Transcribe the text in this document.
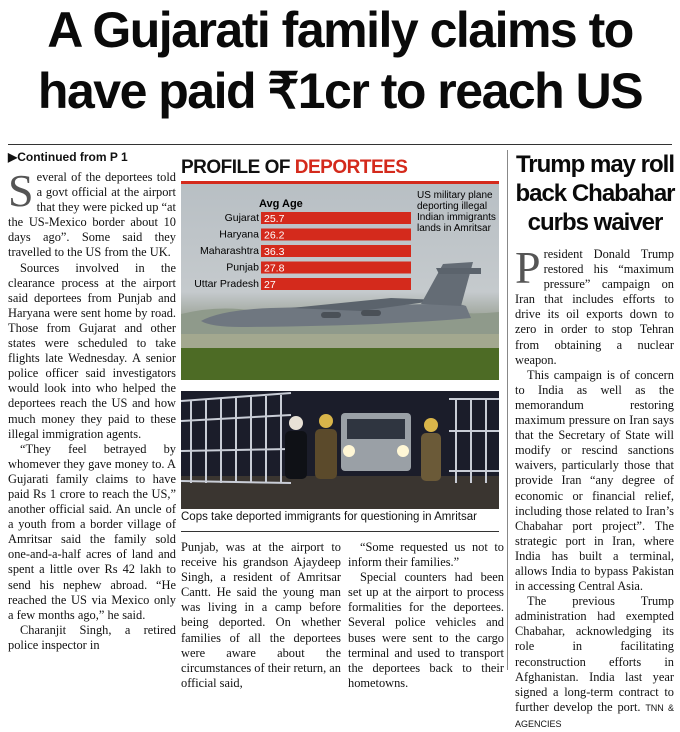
A Gujarati family claims to
have paid ₹1cr to reach US
▶Continued from P 1

Several of the deportees told a govt official at the airport that they were picked up “at the US-Mexico border about 10 days ago”. Some said they travelled to the US from the UK.

Sources involved in the clearance process at the airport said deportees from Punjab and Haryana were sent home by road. Those from Gujarat and other states were scheduled to take flights late Wednesday. A senior police officer said investigators would look into who helped the deportees reach the US and how much money they paid to these illegal immigration agents.

“They feel betrayed by whomever they gave money to. A Gujarati family claims to have paid Rs 1 crore to reach the US,” another official said. An uncle of a youth from a border village of Amritsar said the family sold one-and-a-half acres of land and spent a little over Rs 42 lakh to send his nephew abroad. “He reached the US via Mexico only a few months ago,” he said.

Charanjit Singh, a retired police inspector in

PROFILE OF DEPORTEES
Avg Age
US military plane deporting illegal Indian immigrants lands in Amritsar
Gujarat 25.7
Haryana 26.2
Maharashtra 36.3
Punjab 27.8
Uttar Pradesh 27
Cops take deported immigrants for questioning in Amritsar

Punjab, was at the airport to receive his grandson Ajaydeep Singh, a resident of Amritsar Cantt. He said the young man was living in a camp before being deported. On whether families of all the deportees were aware about the circumstances of their return, an official said,

“Some requested us not to inform their families.”

Special counters had been set up at the airport to process formalities for the deportees. Several police vehicles and buses were sent to the cargo terminal and used to transport the deportees back to their hometowns.

Trump may roll
back Chabahar
curbs waiver

President Donald Trump restored his “maximum pressure” campaign on Iran that includes efforts to drive its oil exports down to zero in order to stop Tehran from obtaining a nuclear weapon.

This campaign is of concern to India as well as the memorandum restoring maximum pressure on Iran says that the Secretary of State will modify or rescind sanctions waivers, particularly those that provide Iran “any degree of economic or financial relief, including those related to Iran’s Chabahar port project”. The strategic port in Iran, where India has built a terminal, allows India to bypass Pakistan in accessing Central Asia.

The previous Trump administration had exempted Chabahar, acknowledging its role in facilitating reconstruction efforts in Afghanistan. India last year signed a long-term contract to further develop the port. TNN & AGENCIES
